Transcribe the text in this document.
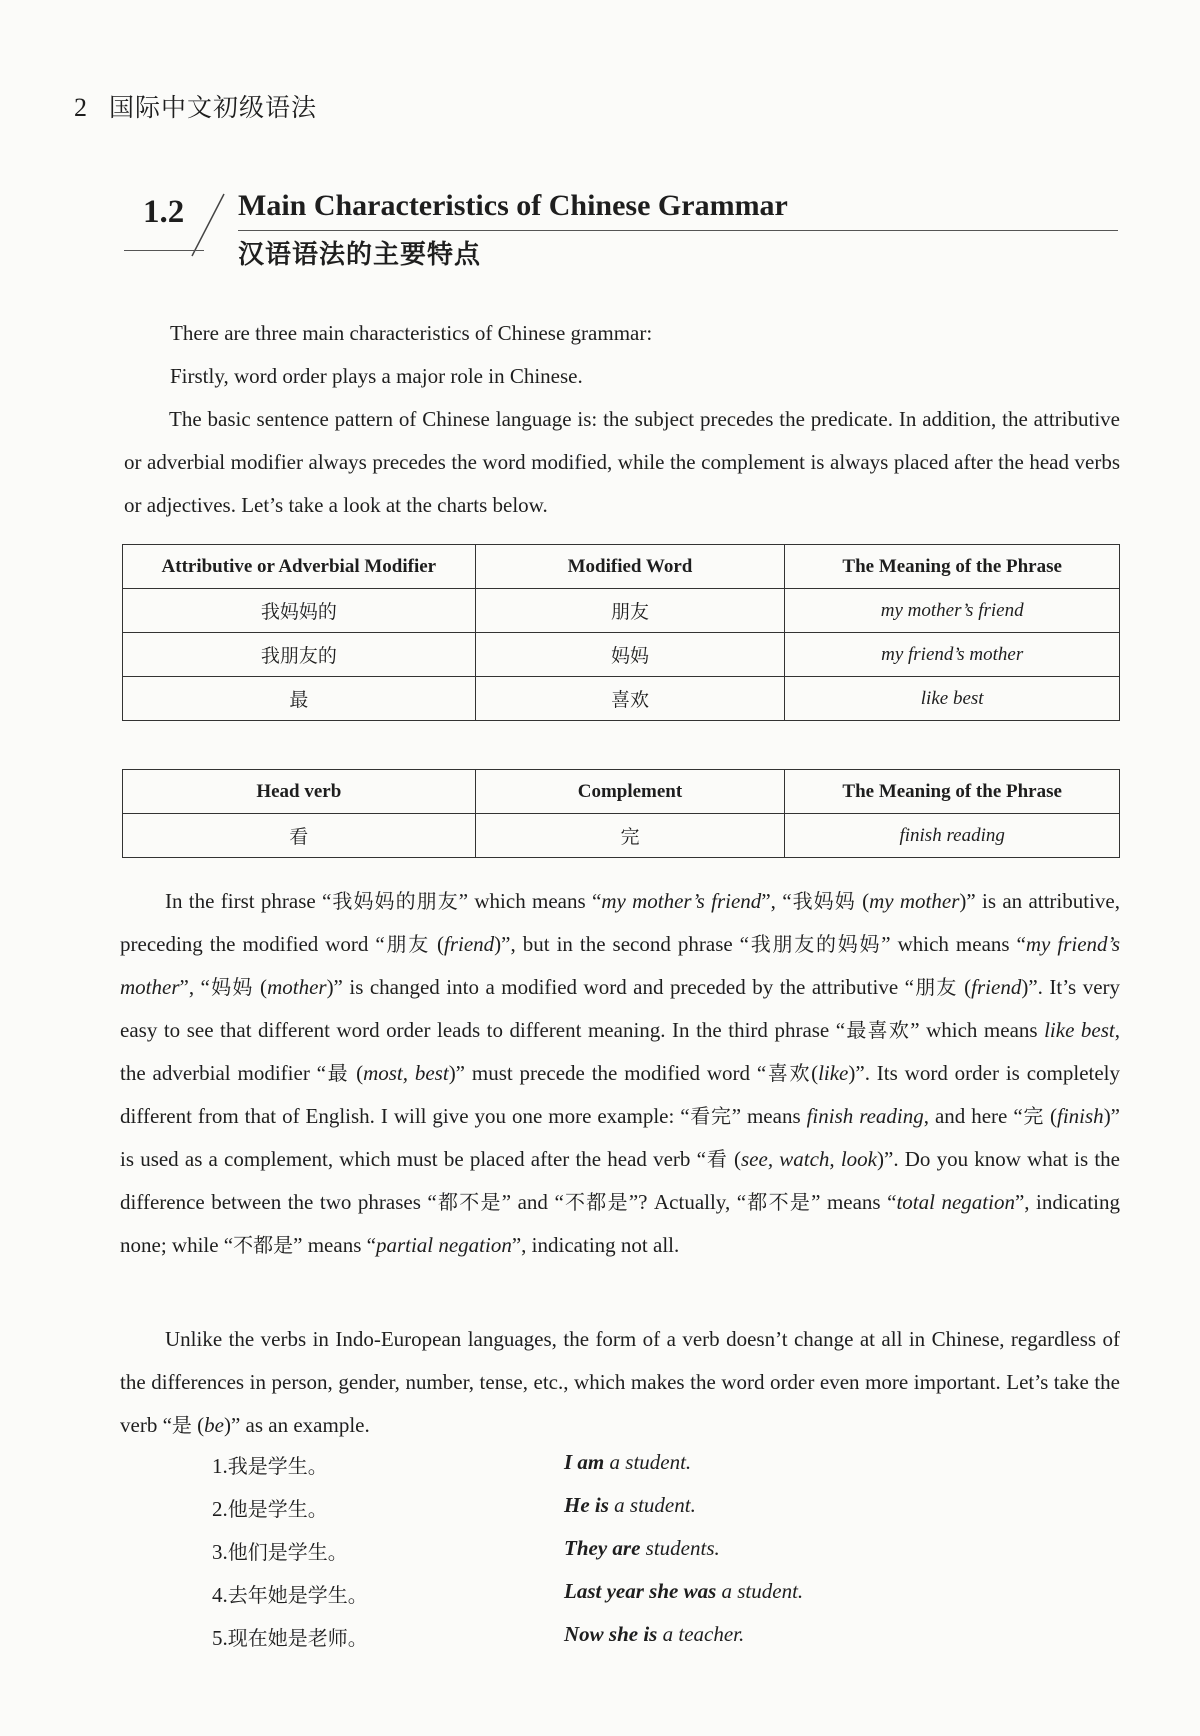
2 国际中文初级语法
1.2 Main Characteristics of Chinese Grammar
汉语语法的主要特点
There are three main characteristics of Chinese grammar:
Firstly, word order plays a major role in Chinese.
The basic sentence pattern of Chinese language is: the subject precedes the predicate. In addition, the attributive or adverbial modifier always precedes the word modified, while the complement is always placed after the head verbs or adjectives. Let’s take a look at the charts below.
Attributive or Adverbial Modifier	Modified Word	The Meaning of the Phrase
我妈妈的	朋友	my mother’s friend
我朋友的	妈妈	my friend’s mother
最	喜欢	like best
Head verb	Complement	The Meaning of the Phrase
看	完	finish reading
In the first phrase “我妈妈的朋友” which means “my mother’s friend”, “我妈妈 (my mother)” is an attributive, preceding the modified word “朋友 (friend)”, but in the second phrase “我朋友的妈妈” which means “my friend’s mother”, “妈妈 (mother)” is changed into a modified word and preceded by the attributive “朋友 (friend)”. It’s very easy to see that different word order leads to different meaning. In the third phrase “最喜欢” which means like best, the adverbial modifier “最 (most, best)” must precede the modified word “喜欢(like)”. Its word order is completely different from that of English. I will give you one more example: “看完” means finish reading, and here “完 (finish)” is used as a complement, which must be placed after the head verb “看 (see, watch, look)”. Do you know what is the difference between the two phrases “都不是” and “不都是”? Actually, “都不是” means “total negation”, indicating none; while “不都是” means “partial negation”, indicating not all.
Unlike the verbs in Indo-European languages, the form of a verb doesn’t change at all in Chinese, regardless of the differences in person, gender, number, tense, etc., which makes the word order even more important. Let’s take the verb “是 (be)” as an example.
1.我是学生。	I am a student.
2.他是学生。	He is a student.
3.他们是学生。	They are students.
4.去年她是学生。	Last year she was a student.
5.现在她是老师。	Now she is a teacher.
